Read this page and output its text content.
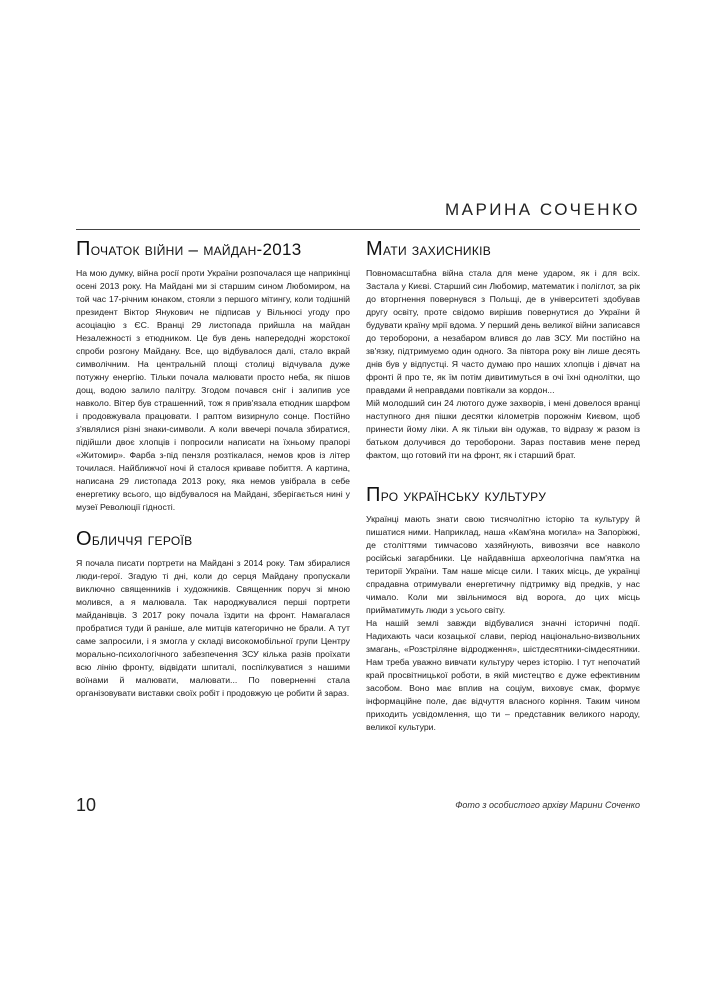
МАРИНА СОЧЕНКО
Початок війни – майдан-2013

На мою думку, війна росії проти України розпочалася ще наприкінці осені 2013 року. На Майдані ми зі старшим сином Любомиром, на той час 17-річним юнаком, стояли з першого мітингу, коли тодішній президент Віктор Янукович не підписав у Вільнюсі угоду про асоціацію з ЄС. Вранці 29 листопада прийшла на майдан Незалежності з етюдником. Це був день напередодні жорстокої спроби розгону Майдану. Все, що відбувалося далі, стало вкрай символічним. На центральній площі столиці відчувала дуже потужну енергію. Тільки почала малювати просто неба, як пішов дощ, водою залило палітру. Згодом почався сніг і залипив усе навколо. Вітер був страшенний, тож я прив'язала етюдник шарфом і продовжувала працювати. І раптом визирнуло сонце. Постійно з'являлися різні знаки-символи. А коли ввечері почала збиратися, підійшли двоє хлопців і попросили написати на їхньому прапорі «Житомир». Фарба з-під пензля розтікалася, немов кров із літер точилася. Найближчої ночі й сталося криваве побиття. А картина, написана 29 листопада 2013 року, яка немов увібрала в себе енергетику всього, що відбувалося на Майдані, зберігається нині у музеї Революції гідності.

Обличчя героїв

Я почала писати портрети на Майдані з 2014 року. Там збиралися люди-герої. Згадую ті дні, коли до серця Майдану пропускали виключно священників і художників. Священник поруч зі мною молився, а я малювала. Так народжувалися перші портрети майданівців. З 2017 року почала їздити на фронт. Намагалася пробратися туди й раніше, але митців категорично не брали. А тут саме запросили, і я змогла у складі високомобільної групи Центру морально-психологічного забезпечення ЗСУ кілька разів проїхати всю лінію фронту, відвідати шпиталі, поспілкуватися з нашими воїнами й малювати, малювати... По поверненні стала організовувати виставки своїх робіт і продовжую це робити й зараз.

Мати захисників

Повномасштабна війна стала для мене ударом, як і для всіх. Застала у Києві. Старший син Любомир, математик і поліглот, за рік до вторгнення повернувся з Польщі, де в університеті здобував другу освіту, проте свідомо вирішив повернутися до України й будувати країну мрії вдома. У перший день великої війни записався до тероборони, а незабаром влився до лав ЗСУ. Ми постійно на зв'язку, підтримуємо один одного. За півтора року він лише десять днів був у відпустці. Я часто думаю про наших хлопців і дівчат на фронті й про те, як їм потім дивитимуться в очі їхні однолітки, що правдами й неправдами повтікали за кордон...

Мій молодший син 24 лютого дуже захворів, і мені довелося вранці наступного дня пішки десятки кілометрів порожнім Києвом, щоб принести йому ліки. А як тільки він одужав, то відразу ж разом із батьком долучився до тероборони. Зараз поставив мене перед фактом, що готовий іти на фронт, як і старший брат.

Про українську культуру

Українці мають знати свою тисячолітню історію та культуру й пишатися ними. Наприклад, наша «Кам'яна могила» на Запоріжжі, де століттями тимчасово хазяйнують, вивозячи все навколо російські загарбники. Це найдавніша археологічна пам'ятка на території України. Там наше місце сили. І таких місць, де українці спрадавна отримували енергетичну підтримку від предків, у нас чимало. Коли ми звільнимося від ворога, до цих місць прийматимуть люди з усього світу.

На нашій землі завжди відбувалися значні історичні події. Надихають часи козацької слави, період національно-визвольних змагань, «Розстріляне відродження», шістдесятники-сімдесятники. Нам треба уважно вивчати культуру через історію. І тут непочатий край просвітницької роботи, в якій мистецтво є дуже ефективним засобом. Воно має вплив на соціум, виховує смак, формує інформаційне поле, дає відчуття власного коріння. Таким чином приходить усвідомлення, що ти – представник великого народу, великої культури.

10	Фото з особистого архіву Марини Соченко
